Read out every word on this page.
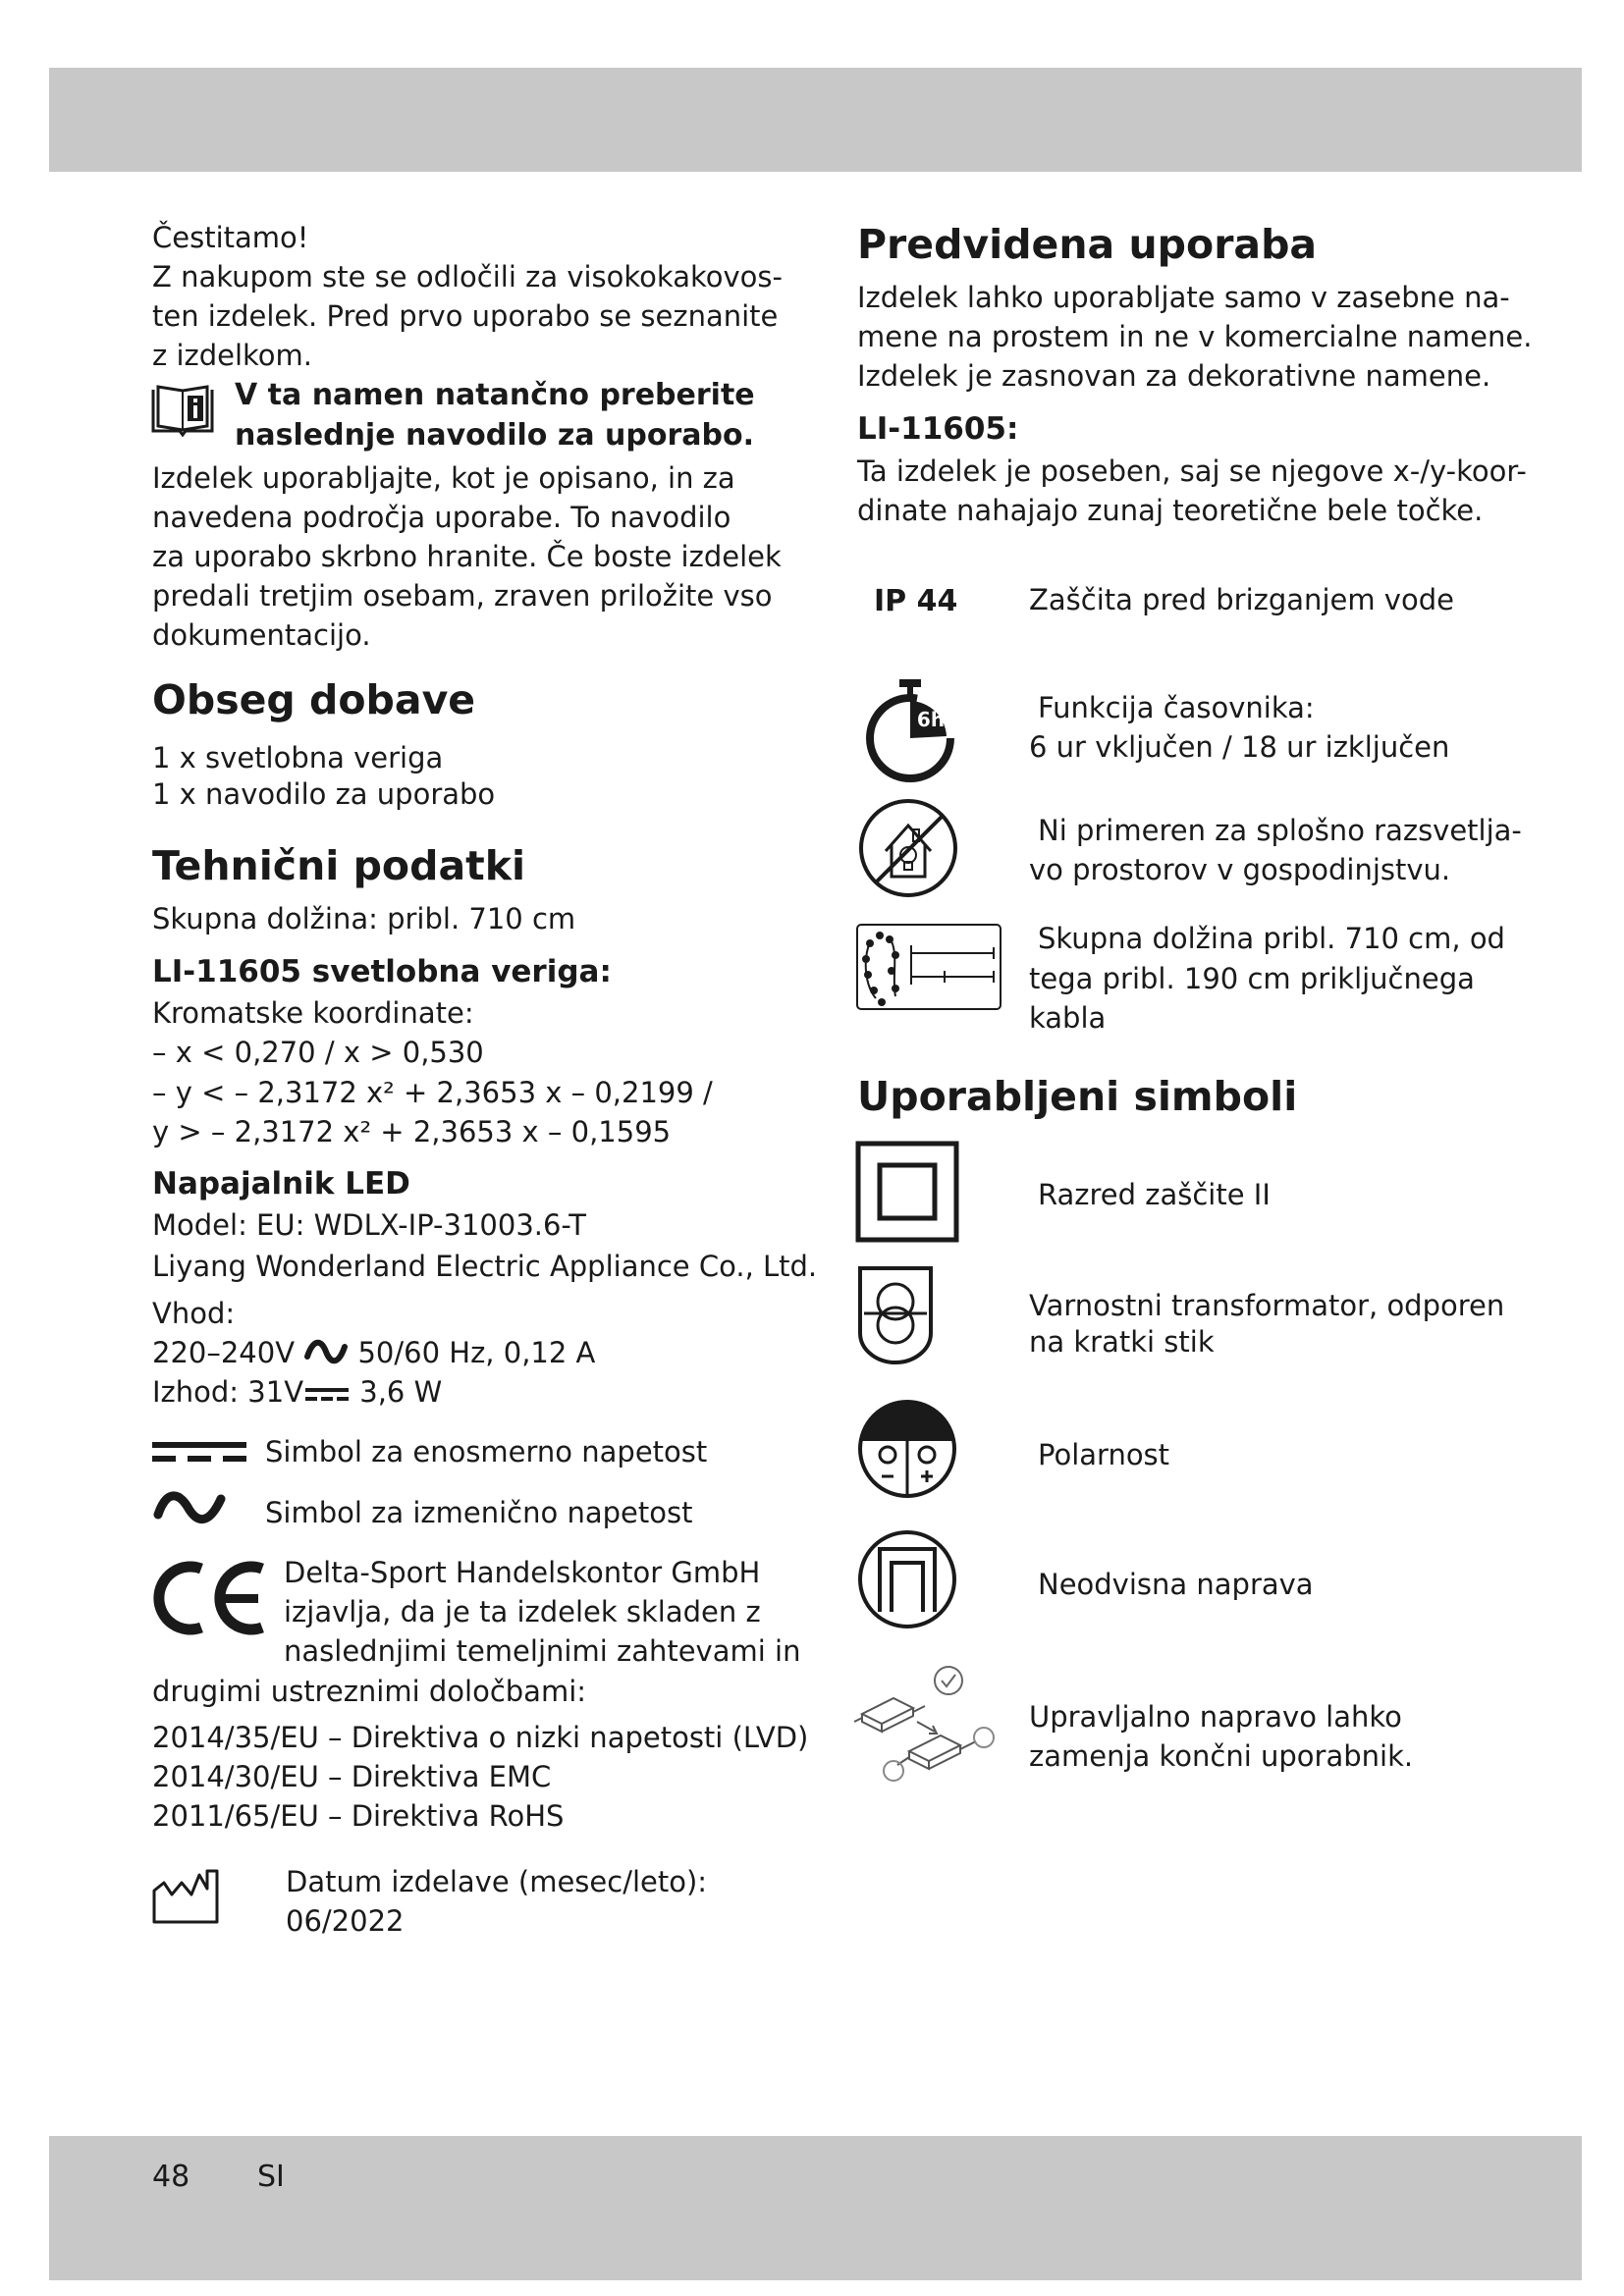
Čestitamo!
Z nakupom ste se odločili za visokokakovos-
ten izdelek. Pred prvo uporabo se seznanite
z izdelkom.
V ta namen natančno preberite
naslednje navodilo za uporabo.
Izdelek uporabljajte, kot je opisano, in za
navedena področja uporabe. To navodilo
za uporabo skrbno hranite. Če boste izdelek
predali tretjim osebam, zraven priložite vso
dokumentacijo.
Obseg dobave
1 x svetlobna veriga
1 x navodilo za uporabo
Tehnični podatki
Skupna dolžina: pribl. 710 cm
LI-11605 svetlobna veriga:
Kromatske koordinate:
– x < 0,270 / x > 0,530
– y < – 2,3172 x² + 2,3653 x – 0,2199 /
y > – 2,3172 x² + 2,3653 x – 0,1595
Napajalnik LED
Model: EU: WDLX-IP-31003.6-T
Liyang Wonderland Electric Appliance Co., Ltd.
Vhod:
220–240V 50/60 Hz, 0,12 A
Izhod: 31V 3,6 W
Simbol za enosmerno napetost
Simbol za izmenično napetost
Delta-Sport Handelskontor GmbH
izjavlja, da je ta izdelek skladen z
naslednjimi temeljnimi zahtevami in
drugimi ustreznimi določbami:
2014/35/EU – Direktiva o nizki napetosti (LVD)
2014/30/EU – Direktiva EMC
2011/65/EU – Direktiva RoHS
Datum izdelave (mesec/leto):
06/2022
Predvidena uporaba
Izdelek lahko uporabljate samo v zasebne na-
mene na prostem in ne v komercialne namene.
Izdelek je zasnovan za dekorativne namene.
LI-11605:
Ta izdelek je poseben, saj se njegove x-/y-koor-
dinate nahajajo zunaj teoretične bele točke.
IP 44	Zaščita pred brizganjem vode
6h	Funkcija časovnika:
6 ur vključen / 18 ur izključen
Ni primeren za splošno razsvetlja-
vo prostorov v gospodinjstvu.
Skupna dolžina pribl. 710 cm, od
tega pribl. 190 cm priključnega
kabla
Uporabljeni simboli
Razred zaščite II
Varnostni transformator, odporen
na kratki stik
Polarnost
Neodvisna naprava
Upravljalno napravo lahko
zamenja končni uporabnik.
48 SI
